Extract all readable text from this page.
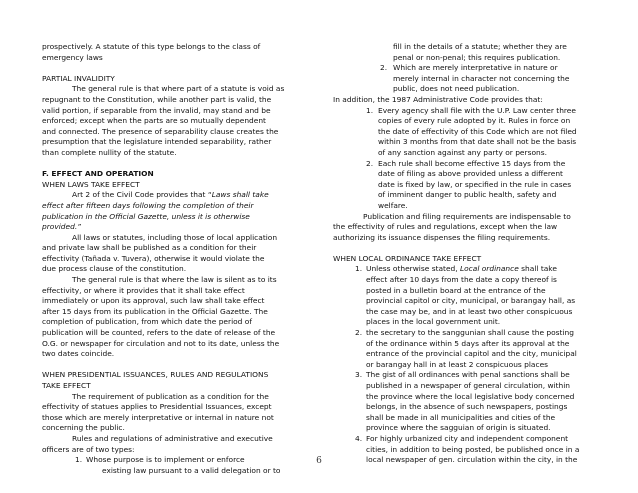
prospectively. A statute of this type belongs to the class of

emergency laws

PARTIAL INVALIDITY

The general rule is that where part of a statute is void as

repugnant to the Constitution, while another part is valid, the

valid portion, if separable from the invalid, may stand and be

enforced; except when the parts are so mutually dependent

and connected. The presence of separability clause creates the

presumption that the legislature intended separability, rather

than complete nullity of the statute.

F. EFFECT AND OPERATION

WHEN LAWS TAKE EFFECT

Art 2 of the Civil Code provides that “Laws shall take

effect after fifteen days following the completion of their

publication in the Official Gazette, unless it is otherwise

provided.”

All laws or statutes, including those of local application

and private law shall be published as a condition for their

effectivity (Tañada v. Tuvera), otherwise it would violate the

due process clause of the constitution.

The general rule is that where the law is silent as to its

effectivity, or where it provides that it shall take effect

immediately or upon its approval, such law shall take effect

after 15 days from its publication in the Official Gazette. The

completion of publication, from which date the period of

publication will be counted, refers to the date of release of the

O.G. or newspaper for circulation and not to its date, unless the

two dates coincide.

WHEN PRESIDENTIAL ISSUANCES, RULES AND REGULATIONS

TAKE EFFECT

The requirement of publication as a condition for the

effectivity of statues applies to Presidential Issuances, except

those which are merely interpretative or internal in nature not

concerning the public.

Rules and regulations of administrative and executive

officers are of two types:

1. Whose purpose is to implement or enforce

existing law pursuant to a valid delegation or to

fill in the details of a statute; whether they are

penal or non-penal; this requires publication.

2. Which are merely interpretative in nature or

merely internal in character not concerning the

public, does not need publication.

In addition, the 1987 Administrative Code provides that:

1. Every agency shall file with the U.P. Law center three

copies of every rule adopted by it. Rules in force on

the date of effectivity of this Code which are not filed

within 3 months from that date shall not be the basis

of any sanction against any party or persons.

2. Each rule shall become effective 15 days from the

date of filing as above provided unless a different

date is fixed by law, or specified in the rule in cases

of imminent danger to public health, safety and

welfare.

Publication and filing requirements are indispensable to

the effectivity of rules and regulations, except when the law

authorizing its issuance dispenses the filing requirements.

WHEN LOCAL ORDINANCE TAKE EFFECT

1. Unless otherwise stated, Local ordinance shall take

effect after 10 days from the date a copy thereof is

posted in a bulletin board at the entrance of the

provincial capitol or city, municipal, or barangay hall, as

the case may be, and in at least two other conspicuous

places in the local government unit.

2. the secretary to the sanggunian shall cause the posting

of the ordinance within 5 days after its approval at the

entrance of the provincial capitol and the city, municipal

or barangay hall in at least 2 conspicuous places

3. The gist of all ordinances with penal sanctions shall be

published in a newspaper of general circulation, within

the province where the local legislative body concerned

belongs, in the absence of such newspapers, postings

shall be made in all municipalities and cities of the

province where the sagguian of origin is situated.

4. For highly urbanized city and independent component

cities, in addition to being posted, be published once in a

local newspaper of gen. circulation within the city, in the

6
